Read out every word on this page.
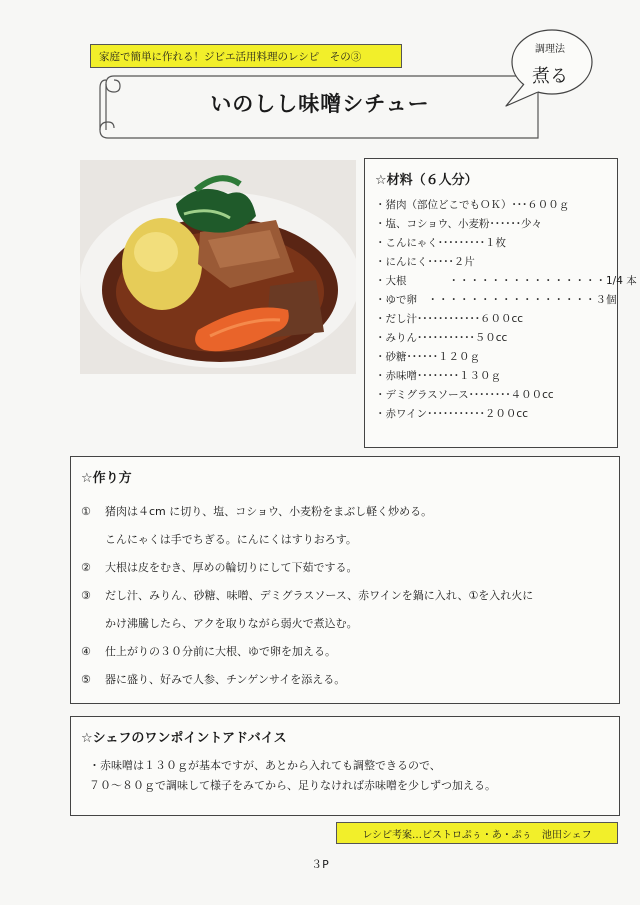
家庭で簡単に作れる！ジビエ活用料理のレシピ　その③
いのしし味噌シチュー
調理法
煮る
☆材料（６人分）
・猪肉（部位どこでもＯＫ）･･･６００ｇ
・塩、コショウ、小麦粉･･････少々
・こんにゃく･････････１枚
・にんにく･････２片
・大根　　　　・・・・・・・・・・・・・・・1/4 本
・ゆで卵　・・・・・・・・・・・・・・・・３個
・だし汁････････････６００cc
・みりん･･･････････５０cc
・砂糖･･････１２０ｇ
・赤味噌････････１３０ｇ
・デミグラスソース････････４００cc
・赤ワイン･･･････････２００cc
☆作り方
① 猪肉は４cm に切り、塩、コショウ、小麦粉をまぶし軽く炒める。
こんにゃくは手でちぎる。にんにくはすりおろす。
② 大根は皮をむき、厚めの輪切りにして下茹でする。
③ だし汁、みりん、砂糖、味噌、デミグラスソース、赤ワインを鍋に入れ、①を入れ火に
かけ沸騰したら、アクを取りながら弱火で煮込む。
④ 仕上がりの３０分前に大根、ゆで卵を加える。
⑤ 器に盛り、好みで人参、チンゲンサイを添える。
☆シェフのワンポイントアドバイス

・赤味噌は１３０ｇが基本ですが、あとから入れても調整できるので、

７０～８０ｇで調味して様子をみてから、足りなければ赤味噌を少しずつ加える。

レシピ考案…ビストロぷぅ・あ・ぷぅ　池田シェフ
３P
